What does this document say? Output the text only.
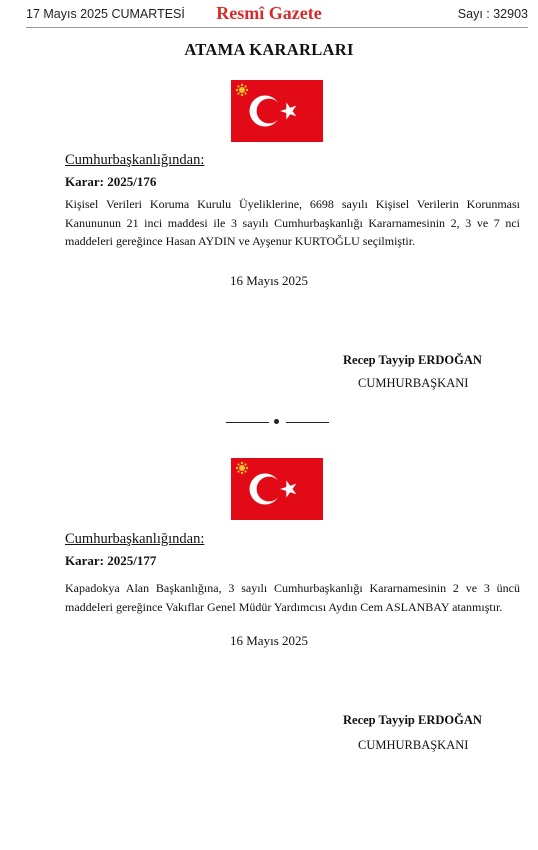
17 Mayıs 2025 CUMARTESİ	Resmî Gazete	Sayı : 32903
ATAMA KARARLARI
Cumhurbaşkanlığından:
Karar: 2025/176
Kişisel Verileri Koruma Kurulu Üyeliklerine, 6698 sayılı Kişisel Verilerin Korunması Kanununun 21 inci maddesi ile 3 sayılı Cumhurbaşkanlığı Kararnamesinin 2, 3 ve 7 nci maddeleri gereğince Hasan AYDIN ve Ayşenur KURTOĞLU seçilmiştir.
16 Mayıs 2025
Recep Tayyip ERDOĞAN
CUMHURBAŞKANI
Cumhurbaşkanlığından:
Karar: 2025/177
Kapadokya Alan Başkanlığına, 3 sayılı Cumhurbaşkanlığı Kararnamesinin 2 ve 3 üncü maddeleri gereğince Vakıflar Genel Müdür Yardımcısı Aydın Cem ASLANBAY atanmıştır.
16 Mayıs 2025
Recep Tayyip ERDOĞAN
CUMHURBAŞKANI
